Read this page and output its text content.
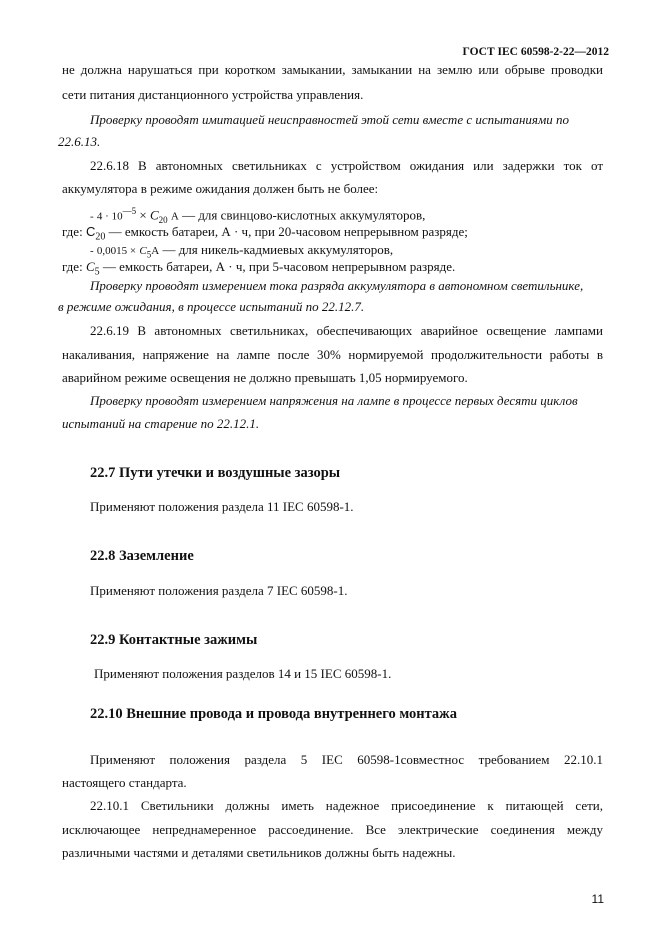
ГОСТ IEC 60598-2-22—2012
не должна нарушаться при коротком замыкании, замыкании на землю или обрыве проводки
сети питания дистанционного устройства управления.
Проверку проводят имитацией неисправностей этой сети вместе с испытаниями по
22.6.13.
22.6.18 В автономных светильниках с устройством ожидания или задержки ток от
аккумулятора в режиме ожидания должен быть не более:
- $4 \cdot 10^{—5} \times C_{20}$ А — для свинцово-кислотных аккумуляторов,
где: $C_{20}$ — емкость батареи, А · ч, при 20-часовом непрерывном разряде;
- $0,0015 \times C_5А$ — для никель-кадмиевых аккумуляторов,
где: $C_5$ — емкость батареи, А · ч, при 5-часовом непрерывном разряде.
Проверку проводят измерением тока разряда аккумулятора в автономном светильнике,
в режиме ожидания, в процессе испытаний по 22.12.7.
22.6.19 В автономных светильниках, обеспечивающих аварийное освещение лампами
накаливания, напряжение на лампе после 30% нормируемой продолжительности работы в
аварийном режиме освещения не должно превышать 1,05 нормируемого.
Проверку проводят измерением напряжения на лампе в процессе первых десяти циклов
испытаний на старение по 22.12.1.
22.7 Пути утечки и воздушные зазоры
Применяют положения раздела 11 IEC 60598-1.
22.8 Заземление
Применяют положения раздела 7 IEC 60598-1.
22.9 Контактные зажимы
Применяют положения разделов 14 и 15 IEC 60598-1.
22.10 Внешние провода и провода внутреннего монтажа
Применяют положения раздела 5 IEC 60598-1совместнос требованием 22.10.1
настоящего стандарта.
22.10.1 Светильники должны иметь надежное присоединение к питающей сети,
исключающее непреднамеренное рассоединение. Все электрические соединения между
различными частями и деталями светильников должны быть надежны.
11
